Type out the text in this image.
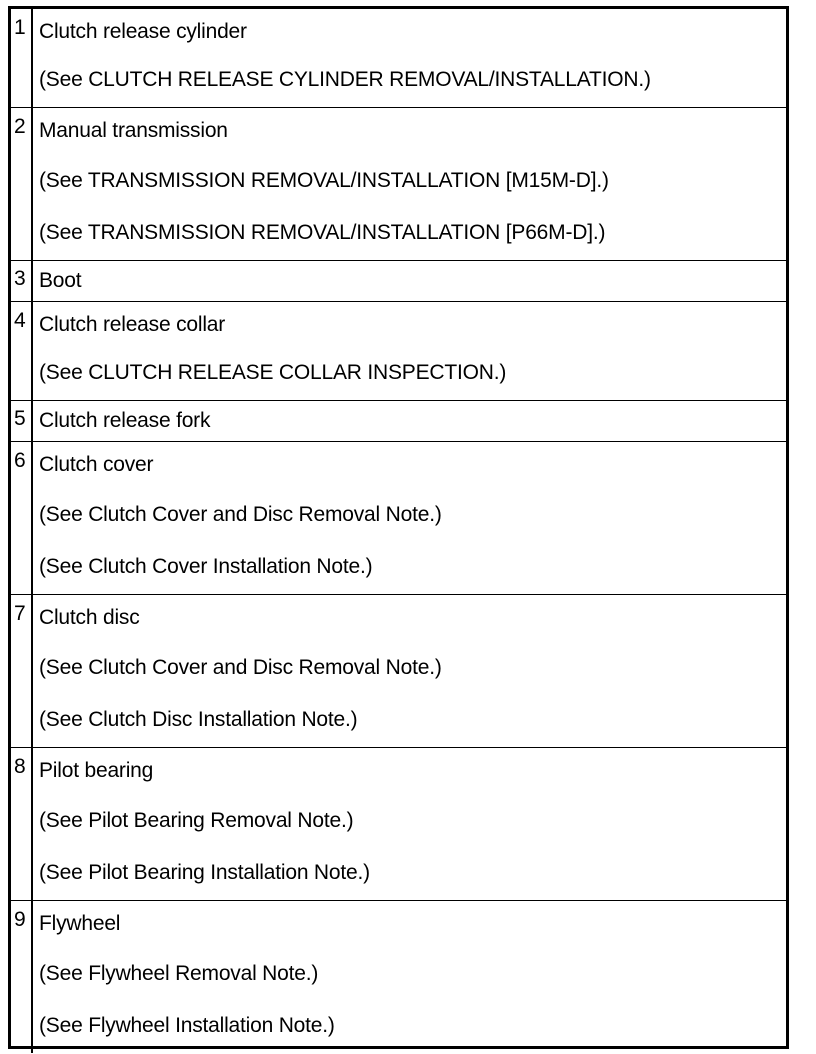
1 Clutch release cylinder
(See CLUTCH RELEASE CYLINDER REMOVAL/INSTALLATION.)
2 Manual transmission
(See TRANSMISSION REMOVAL/INSTALLATION [M15M-D].)
(See TRANSMISSION REMOVAL/INSTALLATION [P66M-D].)
3 Boot
4 Clutch release collar
(See CLUTCH RELEASE COLLAR INSPECTION.)
5 Clutch release fork
6 Clutch cover
(See Clutch Cover and Disc Removal Note.)
(See Clutch Cover Installation Note.)
7 Clutch disc
(See Clutch Cover and Disc Removal Note.)
(See Clutch Disc Installation Note.)
8 Pilot bearing
(See Pilot Bearing Removal Note.)
(See Pilot Bearing Installation Note.)
9 Flywheel
(See Flywheel Removal Note.)
(See Flywheel Installation Note.)
